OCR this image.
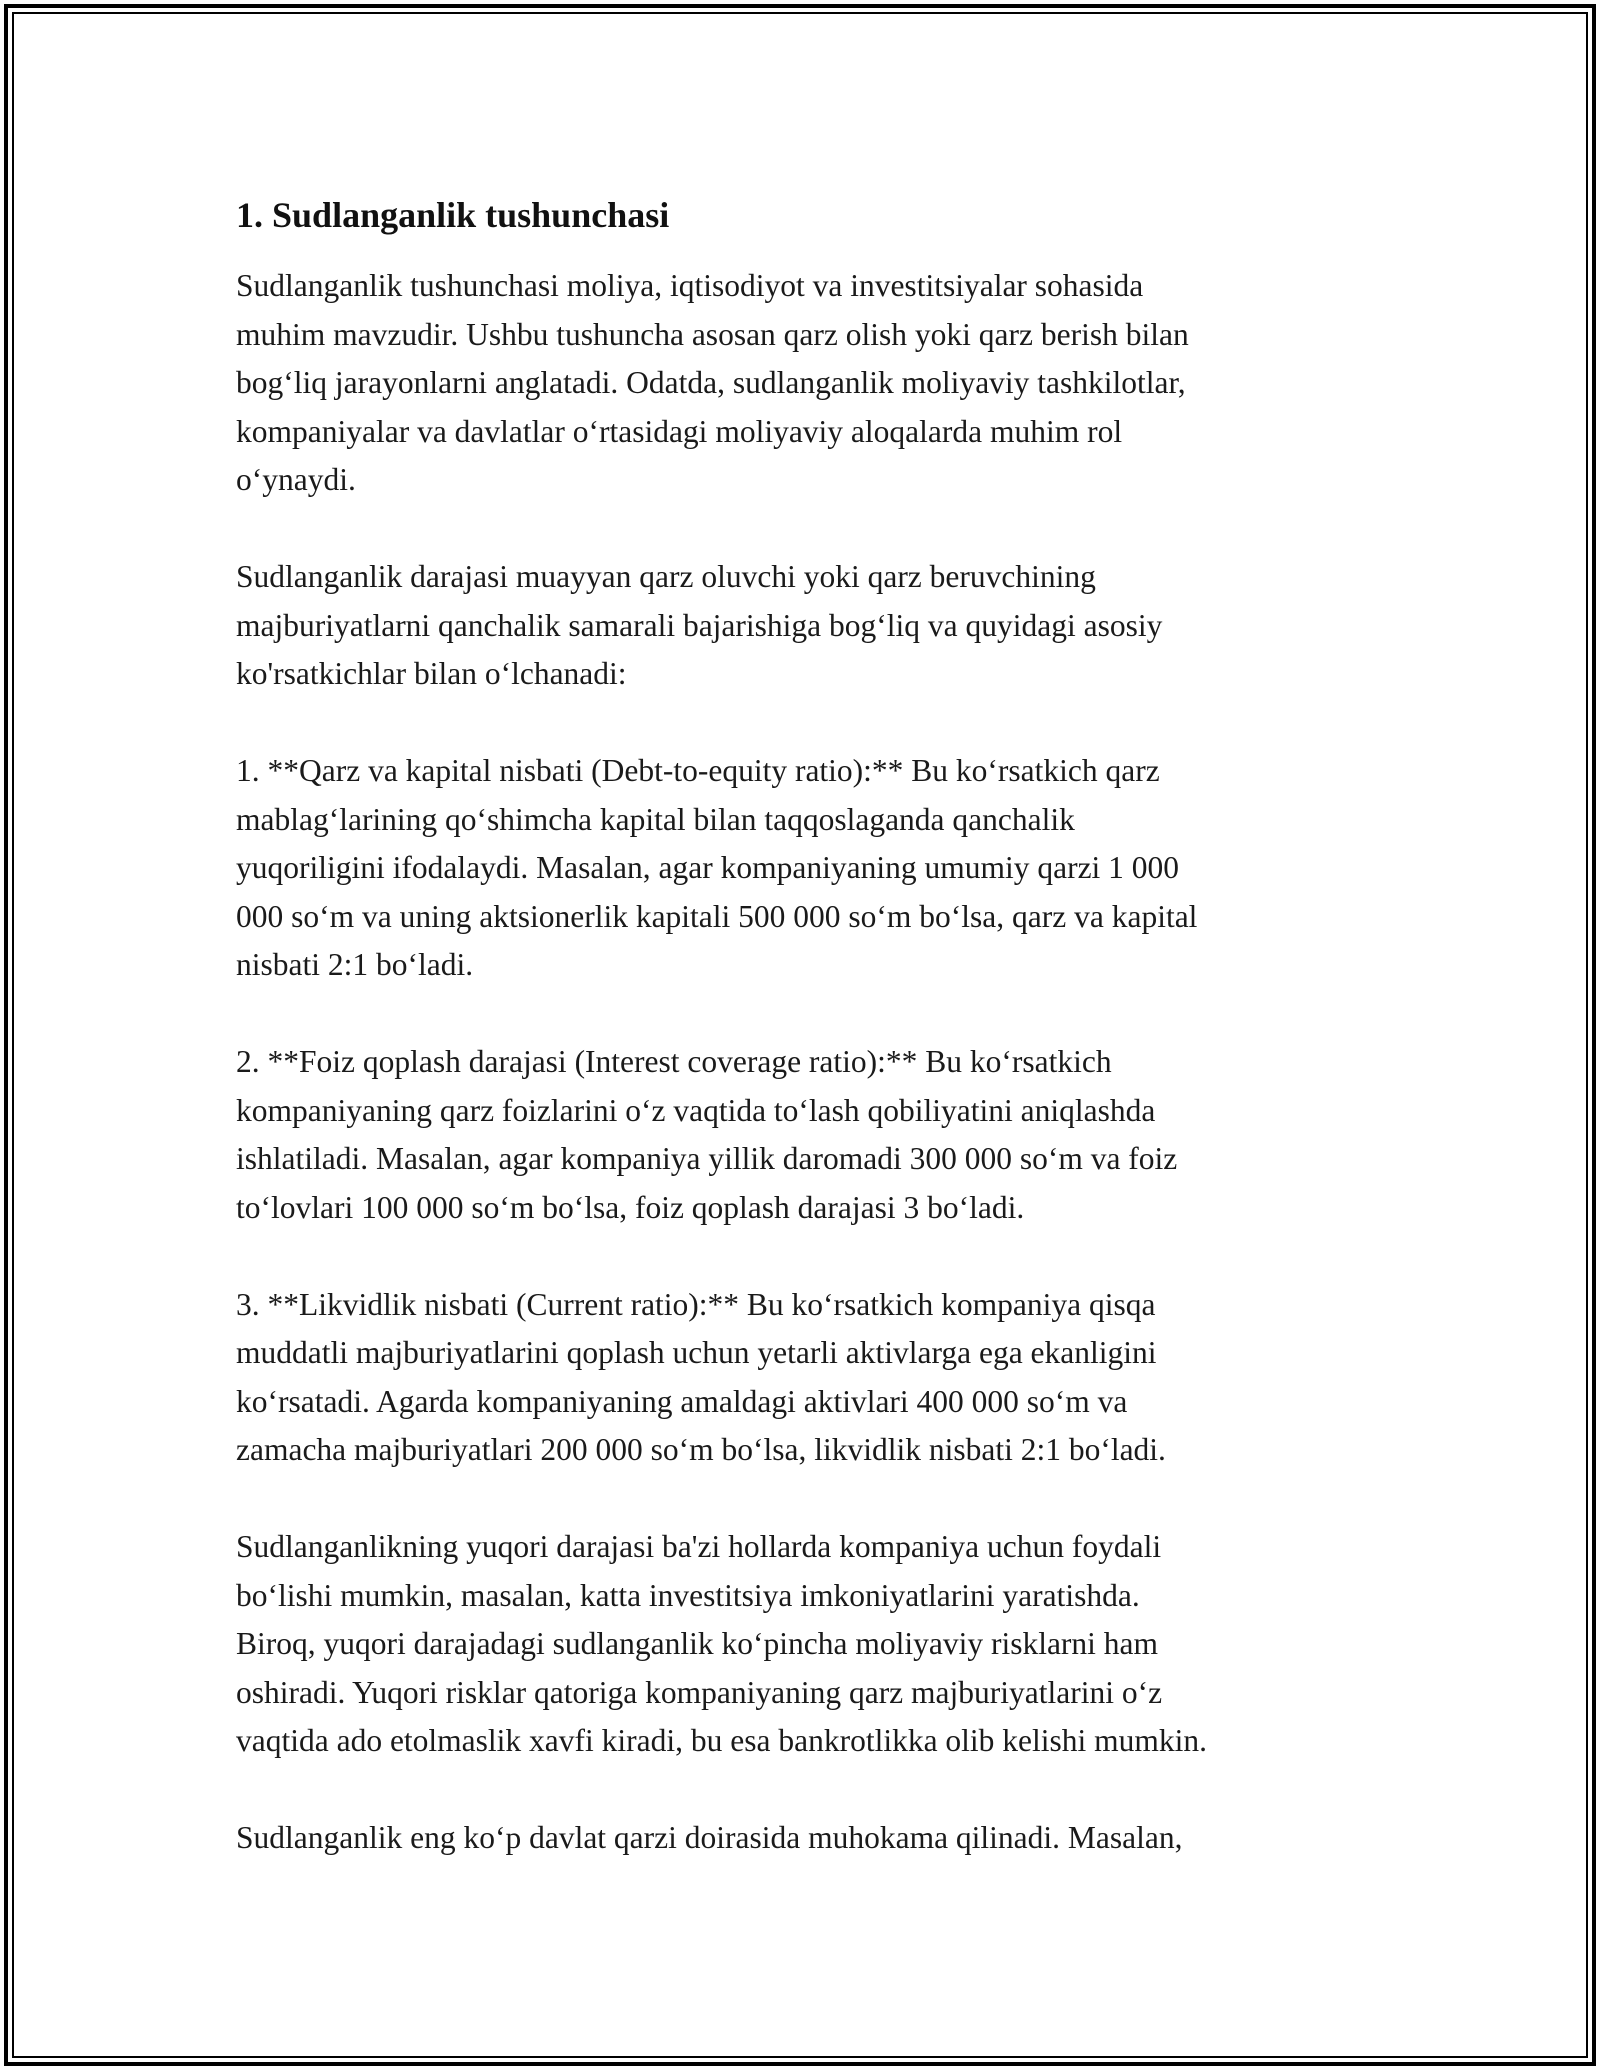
1. Sudlanganlik tushunchasi

Sudlanganlik tushunchasi moliya, iqtisodiyot va investitsiyalar sohasida
muhim mavzudir. Ushbu tushuncha asosan qarz olish yoki qarz berish bilan
bog‘liq jarayonlarni anglatadi. Odatda, sudlanganlik moliyaviy tashkilotlar,
kompaniyalar va davlatlar o‘rtasidagi moliyaviy aloqalarda muhim rol
o‘ynaydi.

Sudlanganlik darajasi muayyan qarz oluvchi yoki qarz beruvchining
majburiyatlarni qanchalik samarali bajarishiga bog‘liq va quyidagi asosiy
ko'rsatkichlar bilan o‘lchanadi:

1. **Qarz va kapital nisbati (Debt-to-equity ratio):** Bu ko‘rsatkich qarz
mablag‘larining qo‘shimcha kapital bilan taqqoslaganda qanchalik
yuqoriligini ifodalaydi. Masalan, agar kompaniyaning umumiy qarzi 1 000
000 so‘m va uning aktsionerlik kapitali 500 000 so‘m bo‘lsa, qarz va kapital
nisbati 2:1 bo‘ladi.

2. **Foiz qoplash darajasi (Interest coverage ratio):** Bu ko‘rsatkich
kompaniyaning qarz foizlarini o‘z vaqtida to‘lash qobiliyatini aniqlashda
ishlatiladi. Masalan, agar kompaniya yillik daromadi 300 000 so‘m va foiz
to‘lovlari 100 000 so‘m bo‘lsa, foiz qoplash darajasi 3 bo‘ladi.

3. **Likvidlik nisbati (Current ratio):** Bu ko‘rsatkich kompaniya qisqa
muddatli majburiyatlarini qoplash uchun yetarli aktivlarga ega ekanligini
ko‘rsatadi. Agarda kompaniyaning amaldagi aktivlari 400 000 so‘m va
zamacha majburiyatlari 200 000 so‘m bo‘lsa, likvidlik nisbati 2:1 bo‘ladi.

Sudlanganlikning yuqori darajasi ba'zi hollarda kompaniya uchun foydali
bo‘lishi mumkin, masalan, katta investitsiya imkoniyatlarini yaratishda.
Biroq, yuqori darajadagi sudlanganlik ko‘pincha moliyaviy risklarni ham
oshiradi. Yuqori risklar qatoriga kompaniyaning qarz majburiyatlarini o‘z
vaqtida ado etolmaslik xavfi kiradi, bu esa bankrotlikka olib kelishi mumkin.

Sudlanganlik eng ko‘p davlat qarzi doirasida muhokama qilinadi. Masalan,
